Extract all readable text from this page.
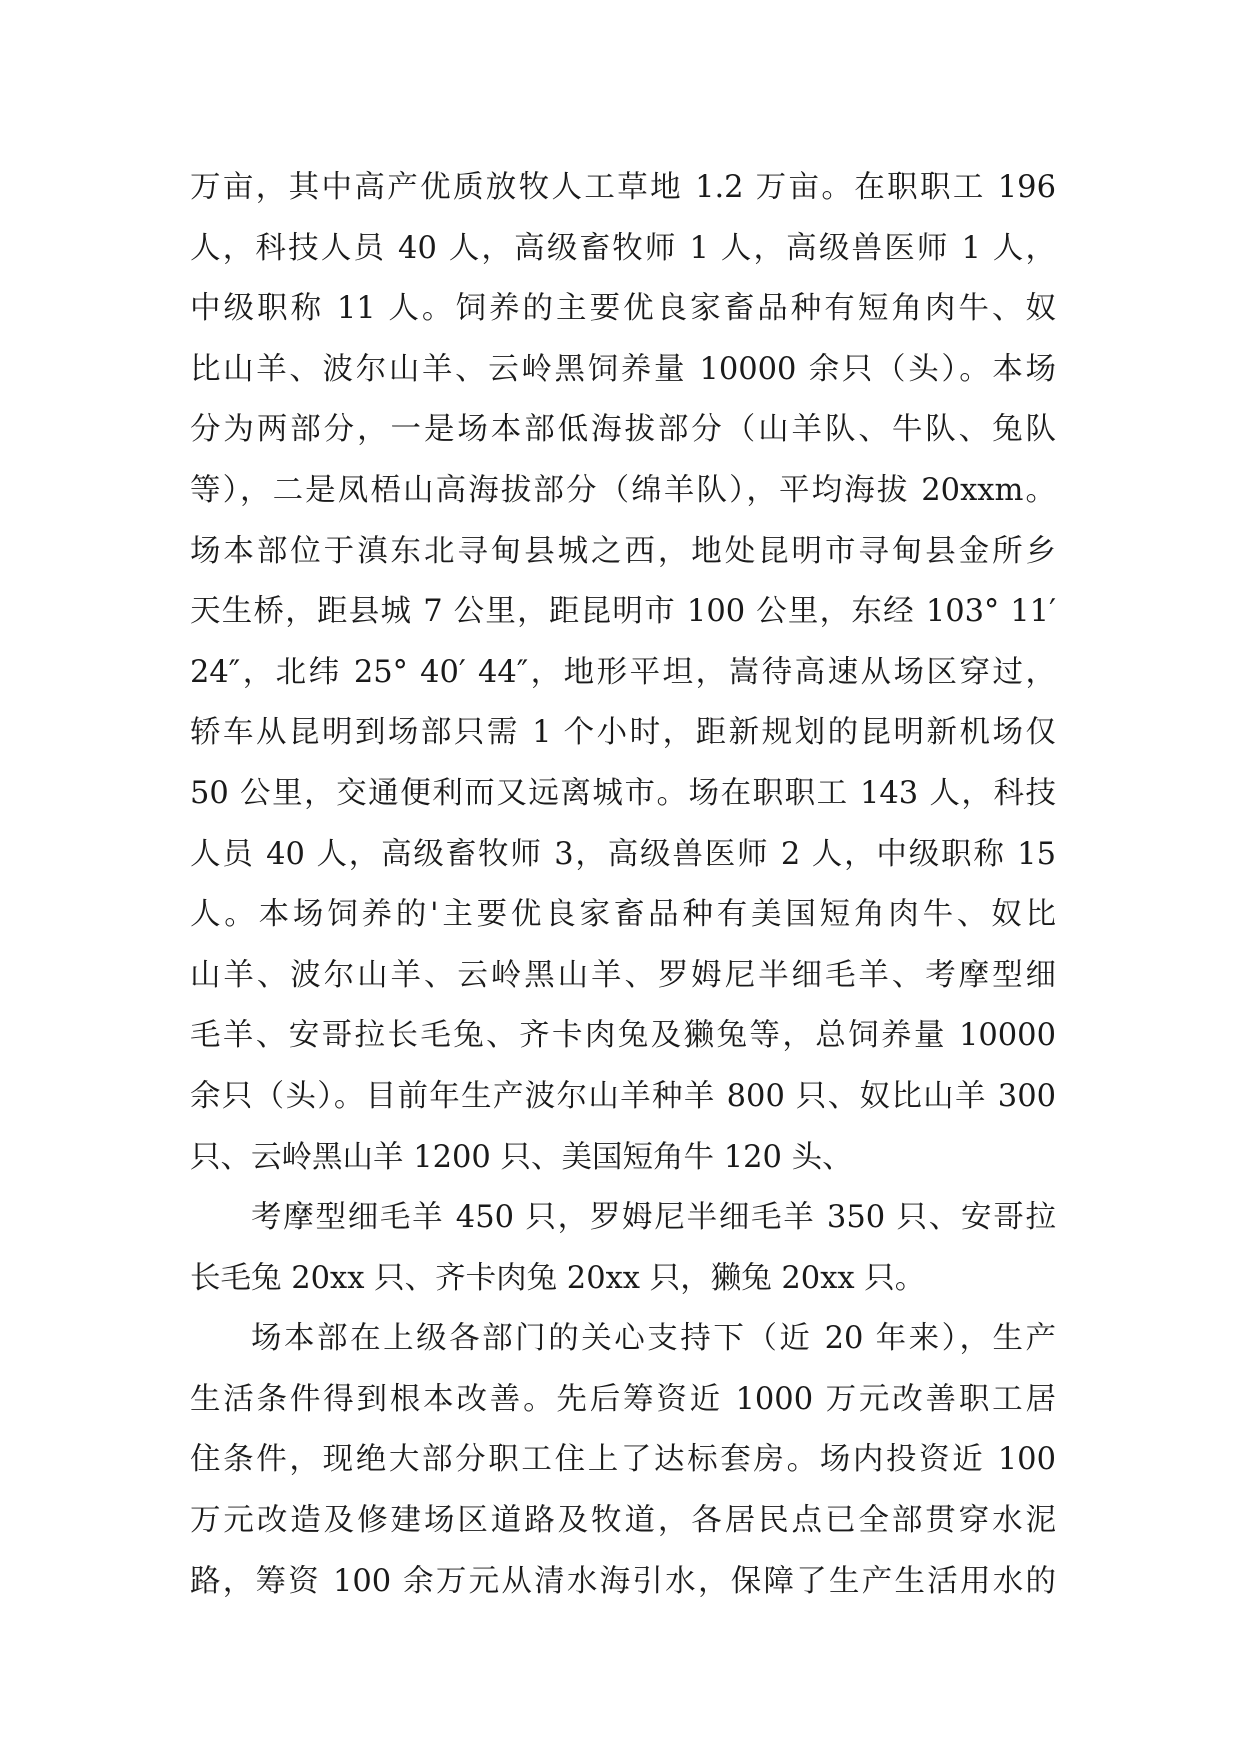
万亩，其中高产优质放牧人工草地 1.2 万亩。在职职工 196
人，科技人员 40 人，高级畜牧师 1 人，高级兽医师 1 人，
中级职称 11 人。饲养的主要优良家畜品种有短角肉牛、奴
比山羊、波尔山羊、云岭黑饲养量 10000 余只（头）。本场
分为两部分，一是场本部低海拔部分（山羊队、牛队、兔队
等），二是凤梧山高海拔部分（绵羊队），平均海拔 20xxm。
场本部位于滇东北寻甸县城之西，地处昆明市寻甸县金所乡
天生桥，距县城 7 公里，距昆明市 100 公里，东经 103° 11′
24″，北纬 25° 40′ 44″，地形平坦，嵩待高速从场区穿过，
轿车从昆明到场部只需 1 个小时，距新规划的昆明新机场仅
50 公里，交通便利而又远离城市。场在职职工 143 人，科技
人员 40 人，高级畜牧师 3，高级兽医师 2 人，中级职称 15
人。本场饲养的'主要优良家畜品种有美国短角肉牛、奴比
山羊、波尔山羊、云岭黑山羊、罗姆尼半细毛羊、考摩型细
毛羊、安哥拉长毛兔、齐卡肉兔及獭兔等，总饲养量 10000
余只（头）。目前年生产波尔山羊种羊 800 只、奴比山羊 300
只、云岭黑山羊 1200 只、美国短角牛 120 头、
考摩型细毛羊 450 只，罗姆尼半细毛羊 350 只、安哥拉
长毛兔 20xx 只、齐卡肉兔 20xx 只，獭兔 20xx 只。
场本部在上级各部门的关心支持下（近 20 年来），生产
生活条件得到根本改善。先后筹资近 1000 万元改善职工居
住条件，现绝大部分职工住上了达标套房。场内投资近 100
万元改造及修建场区道路及牧道，各居民点已全部贯穿水泥
路，筹资 100 余万元从清水海引水，保障了生产生活用水的
